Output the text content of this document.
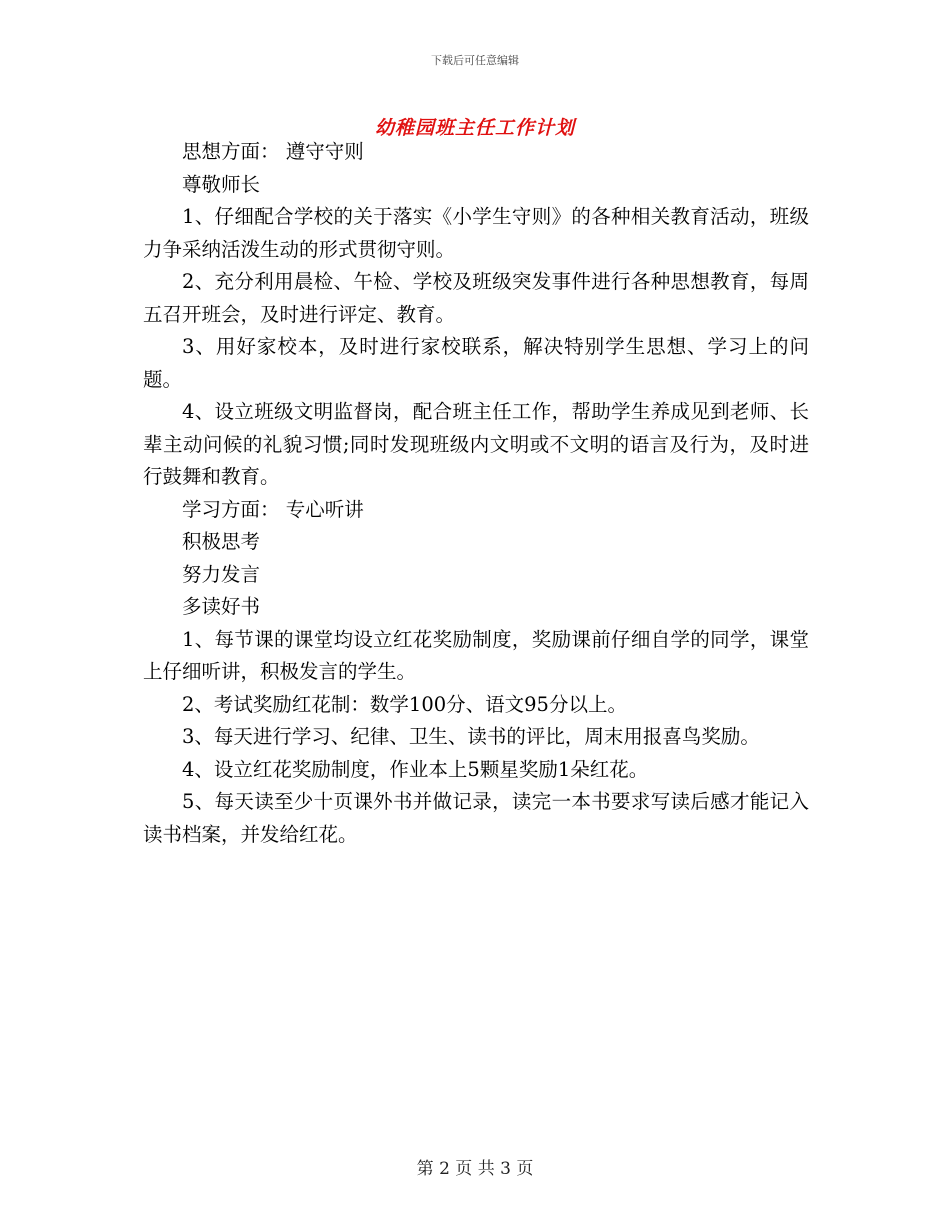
下载后可任意编辑
幼稚园班主任工作计划

思想方面： 遵守守则

尊敬师长

1、仔细配合学校的关于落实《小学生守则》的各种相关教育活动，班级力争采纳活泼生动的形式贯彻守则。

2、充分利用晨检、午检、学校及班级突发事件进行各种思想教育，每周五召开班会，及时进行评定、教育。

3、用好家校本，及时进行家校联系，解决特别学生思想、学习上的问题。

4、设立班级文明监督岗，配合班主任工作，帮助学生养成见到老师、长辈主动问候的礼貌习惯;同时发现班级内文明或不文明的语言及行为，及时进行鼓舞和教育。

学习方面： 专心听讲

积极思考

努力发言

多读好书

1、每节课的课堂均设立红花奖励制度，奖励课前仔细自学的同学，课堂上仔细听讲，积极发言的学生。

2、考试奖励红花制：数学100分、语文95分以上。

3、每天进行学习、纪律、卫生、读书的评比，周末用报喜鸟奖励。

4、设立红花奖励制度，作业本上5颗星奖励1朵红花。

5、每天读至少十页课外书并做记录，读完一本书要求写读后感才能记入读书档案，并发给红花。

第 2 页 共 3 页
